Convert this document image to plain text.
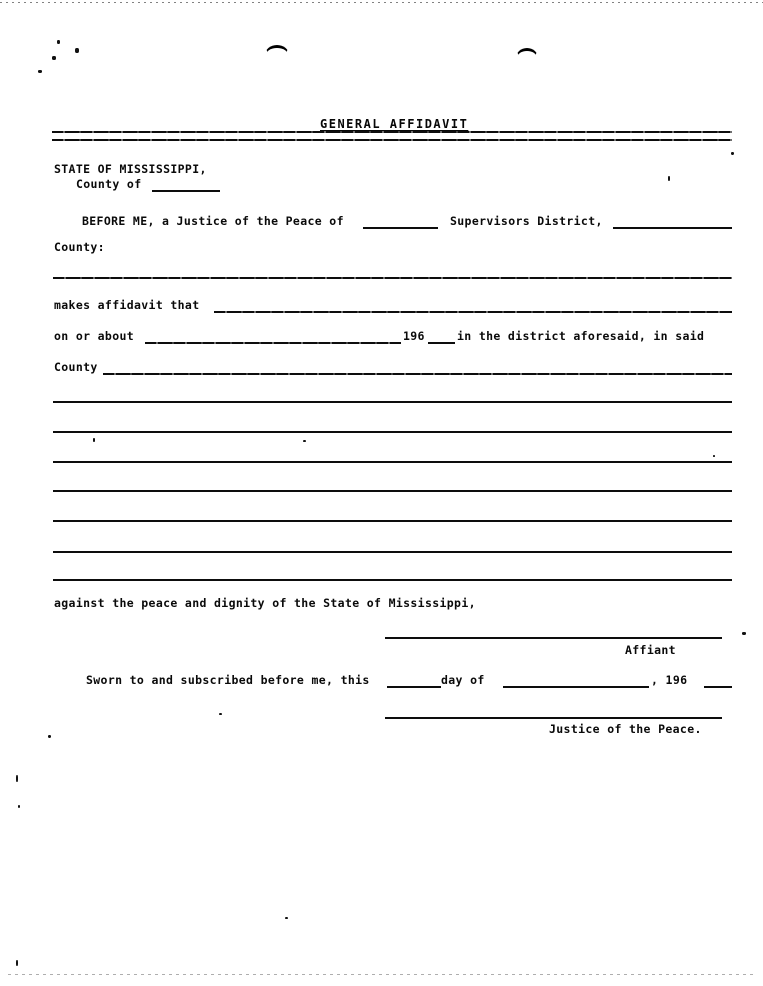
GENERAL AFFIDAVIT
STATE OF MISSISSIPPI,
County of
BEFORE ME, a Justice of the Peace of	Supervisors District,
County:
makes affidavit that
on or about	196	in the district aforesaid, in said
County
against the peace and dignity of the State of Mississippi,
Affiant
Sworn to and subscribed before me, this	day of	, 196
Justice of the Peace.
